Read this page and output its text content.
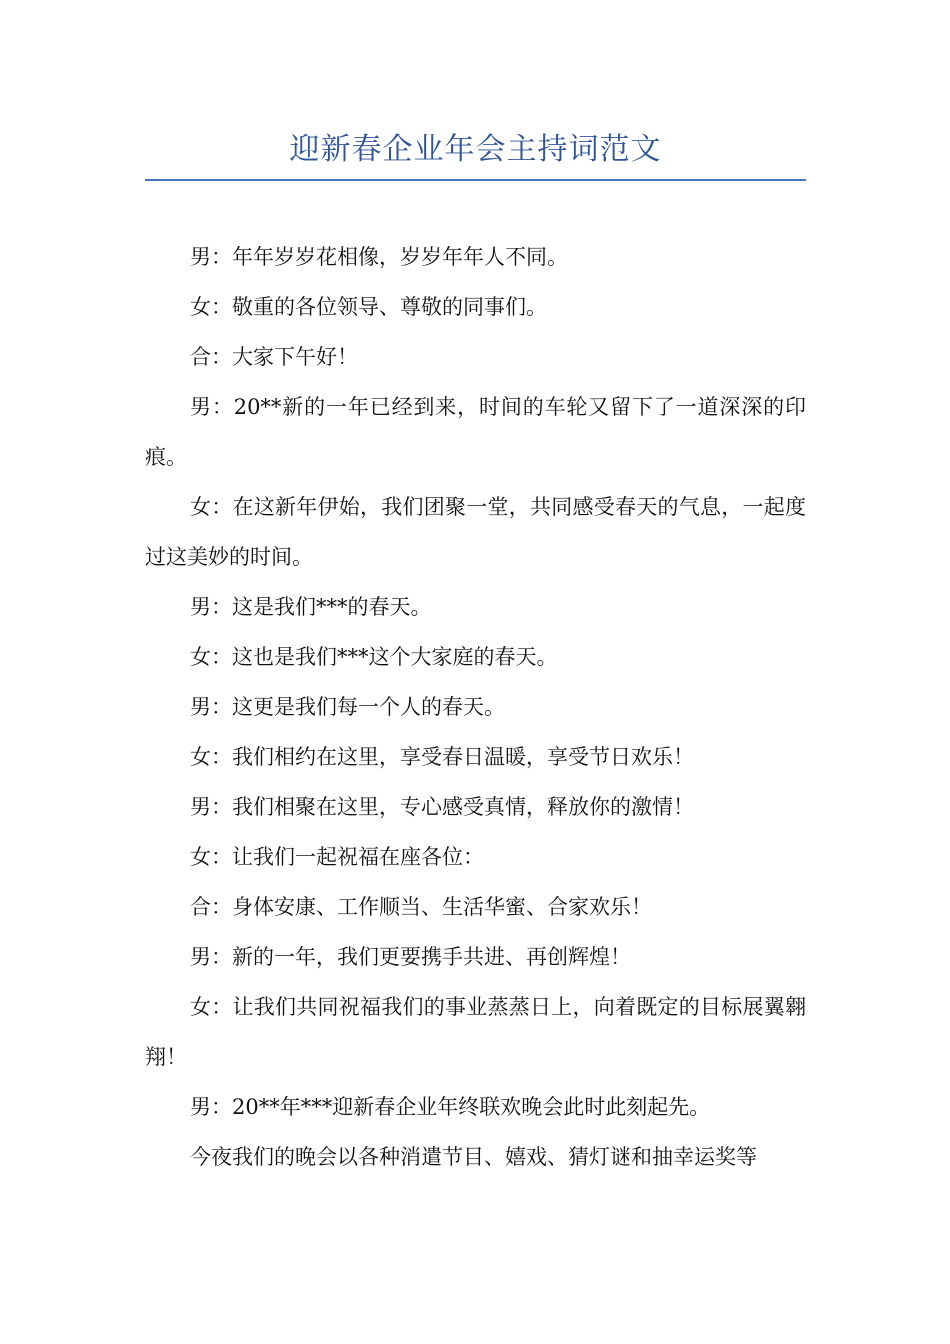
迎新春企业年会主持词范文

男：年年岁岁花相像，岁岁年年人不同。

女：敬重的各位领导、尊敬的同事们。

合：大家下午好！

男：20**新的一年已经到来，时间的车轮又留下了一道深深的印痕。

女：在这新年伊始，我们团聚一堂，共同感受春天的气息，一起度过这美妙的时间。

男：这是我们***的春天。

女：这也是我们***这个大家庭的春天。

男：这更是我们每一个人的春天。

女：我们相约在这里，享受春日温暖，享受节日欢乐！

男：我们相聚在这里，专心感受真情，释放你的激情！

女：让我们一起祝福在座各位：

合：身体安康、工作顺当、生活华蜜、合家欢乐！

男：新的一年，我们更要携手共进、再创辉煌！

女：让我们共同祝福我们的事业蒸蒸日上，向着既定的目标展翼翱翔！

男：20**年***迎新春企业年终联欢晚会此时此刻起先。

今夜我们的晚会以各种消遣节目、嬉戏、猜灯谜和抽幸运奖等
